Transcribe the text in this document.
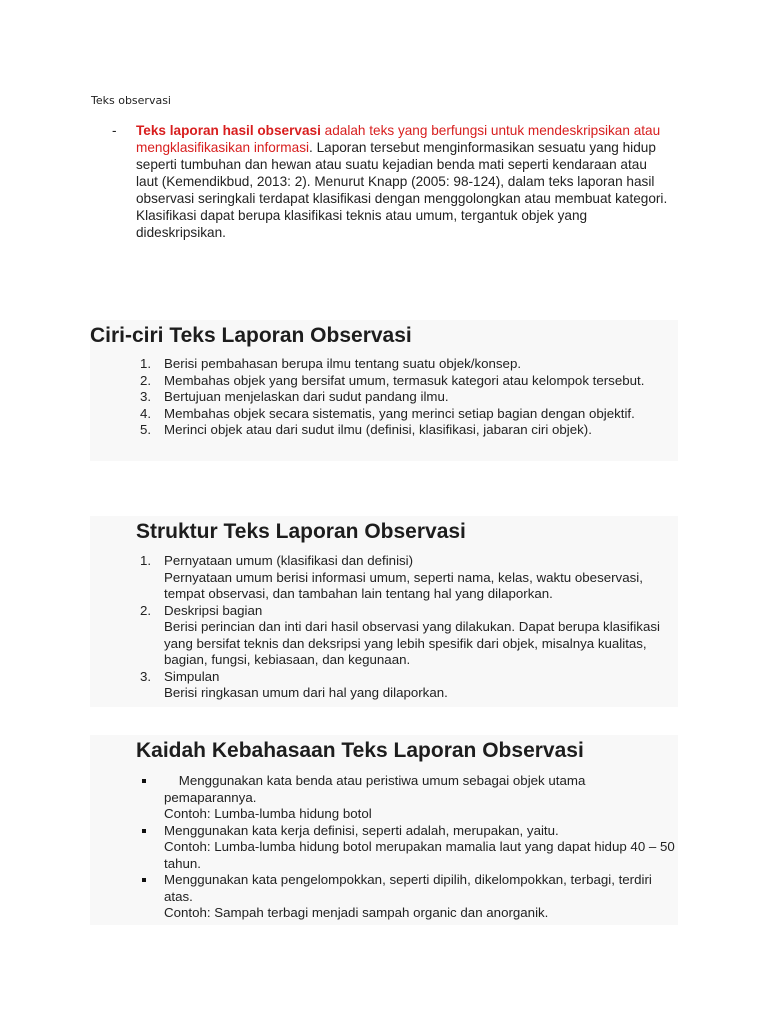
Teks observasi
- Teks laporan hasil observasi adalah teks yang berfungsi untuk mendeskripsikan atau mengklasifikasikan informasi. Laporan tersebut menginformasikan sesuatu yang hidup seperti tumbuhan dan hewan atau suatu kejadian benda mati seperti kendaraan atau laut (Kemendikbud, 2013: 2). Menurut Knapp (2005: 98-124), dalam teks laporan hasil observasi seringkali terdapat klasifikasi dengan menggolongkan atau membuat kategori. Klasifikasi dapat berupa klasifikasi teknis atau umum, tergantuk objek yang dideskripsikan.
Ciri-ciri Teks Laporan Observasi
1. Berisi pembahasan berupa ilmu tentang suatu objek/konsep.
2. Membahas objek yang bersifat umum, termasuk kategori atau kelompok tersebut.
3. Bertujuan menjelaskan dari sudut pandang ilmu.
4. Membahas objek secara sistematis, yang merinci setiap bagian dengan objektif.
5. Merinci objek atau dari sudut ilmu (definisi, klasifikasi, jabaran ciri objek).
Struktur Teks Laporan Observasi
1. Pernyataan umum (klasifikasi dan definisi)
Pernyataan umum berisi informasi umum, seperti nama, kelas, waktu obeservasi, tempat observasi, dan tambahan lain tentang hal yang dilaporkan.
2. Deskripsi bagian
Berisi perincian dan inti dari hasil observasi yang dilakukan. Dapat berupa klasifikasi yang bersifat teknis dan deksripsi yang lebih spesifik dari objek, misalnya kualitas, bagian, fungsi, kebiasaan, dan kegunaan.
3. Simpulan
Berisi ringkasan umum dari hal yang dilaporkan.
Kaidah Kebahasaan Teks Laporan Observasi
Menggunakan kata benda atau peristiwa umum sebagai objek utama pemaparannya.
Contoh: Lumba-lumba hidung botol
Menggunakan kata kerja definisi, seperti adalah, merupakan, yaitu.
Contoh: Lumba-lumba hidung botol merupakan mamalia laut yang dapat hidup 40 – 50 tahun.
Menggunakan kata pengelompokkan, seperti dipilih, dikelompokkan, terbagi, terdiri atas.
Contoh: Sampah terbagi menjadi sampah organic dan anorganik.
